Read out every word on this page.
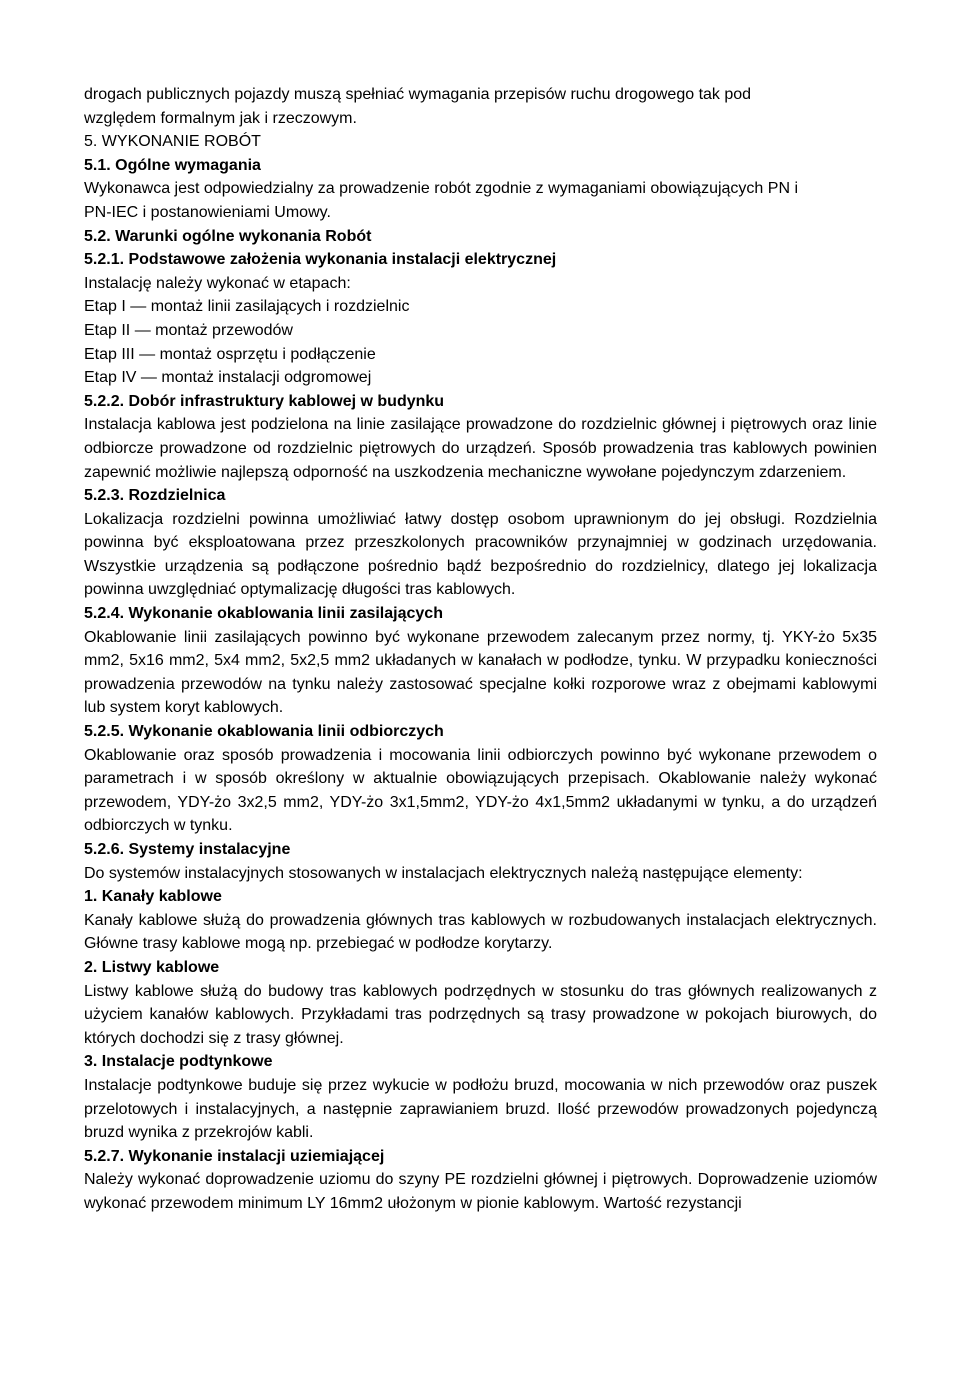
drogach publicznych pojazdy muszą spełniać wymagania przepisów ruchu drogowego tak pod
względem formalnym jak i rzeczowym.
5. WYKONANIE ROBÓT
5.1. Ogólne wymagania
Wykonawca jest odpowiedzialny za prowadzenie robót zgodnie z wymaganiami obowiązujących PN i
PN-IEC i postanowieniami Umowy.
5.2. Warunki ogólne wykonania Robót
5.2.1. Podstawowe założenia wykonania instalacji elektrycznej
Instalację należy wykonać w etapach:
Etap I — montaż linii zasilających i rozdzielnic
Etap II — montaż przewodów
Etap III — montaż osprzętu i podłączenie
Etap IV — montaż instalacji odgromowej
5.2.2. Dobór infrastruktury kablowej w budynku
Instalacja kablowa jest podzielona na linie zasilające prowadzone do rozdzielnic głównej i piętrowych oraz linie odbiorcze prowadzone od rozdzielnic piętrowych do urządzeń. Sposób prowadzenia tras kablowych powinien zapewnić możliwie najlepszą odporność na uszkodzenia mechaniczne wywołane pojedynczym zdarzeniem.
5.2.3. Rozdzielnica
Lokalizacja rozdzielni powinna umożliwiać łatwy dostęp osobom uprawnionym do jej obsługi. Rozdzielnia powinna być eksploatowana przez przeszkolonych pracowników przynajmniej w godzinach urzędowania. Wszystkie urządzenia są podłączone pośrednio bądź bezpośrednio do rozdzielnicy, dlatego jej lokalizacja powinna uwzględniać optymalizację długości tras kablowych.
5.2.4. Wykonanie okablowania linii zasilających
Okablowanie linii zasilających powinno być wykonane przewodem zalecanym przez normy, tj. YKY-żo 5x35 mm2, 5x16 mm2, 5x4 mm2, 5x2,5 mm2 układanych w kanałach w podłodze, tynku. W przypadku konieczności prowadzenia przewodów na tynku należy zastosować specjalne kołki rozporowe wraz z obejmami kablowymi lub system koryt kablowych.
5.2.5. Wykonanie okablowania linii odbiorczych
Okablowanie oraz sposób prowadzenia i mocowania linii odbiorczych powinno być wykonane przewodem o parametrach i w sposób określony w aktualnie obowiązujących przepisach. Okablowanie należy wykonać przewodem, YDY-żo 3x2,5 mm2, YDY-żo 3x1,5mm2, YDY-żo 4x1,5mm2 układanymi w tynku, a do urządzeń odbiorczych w tynku.
5.2.6. Systemy instalacyjne
Do systemów instalacyjnych stosowanych w instalacjach elektrycznych należą następujące elementy:
1. Kanały kablowe
Kanały kablowe służą do prowadzenia głównych tras kablowych w rozbudowanych instalacjach elektrycznych. Główne trasy kablowe mogą np. przebiegać w podłodze korytarzy.
2. Listwy kablowe
Listwy kablowe służą do budowy tras kablowych podrzędnych w stosunku do tras głównych realizowanych z użyciem kanałów kablowych. Przykładami tras podrzędnych są trasy prowadzone w pokojach biurowych, do których dochodzi się z trasy głównej.
3. Instalacje podtynkowe
Instalacje podtynkowe buduje się przez wykucie w podłożu bruzd, mocowania w nich przewodów oraz puszek przelotowych i instalacyjnych, a następnie zaprawianiem bruzd. Ilość przewodów prowadzonych pojedynczą bruzd wynika z przekrojów kabli.
5.2.7. Wykonanie instalacji uziemiającej
Należy wykonać doprowadzenie uziomu do szyny PE rozdzielni głównej i piętrowych. Doprowadzenie uziomów wykonać przewodem minimum LY 16mm2 ułożonym w pionie kablowym. Wartość rezystancji
